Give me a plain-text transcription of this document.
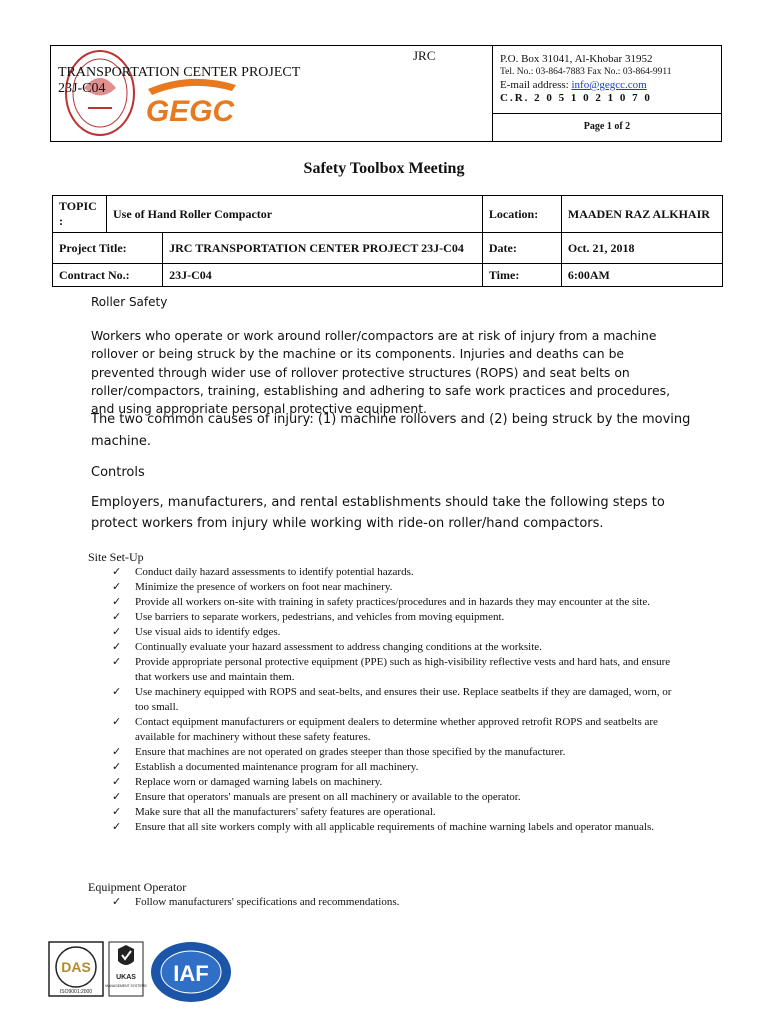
GEGC
TRANSPORTATION CENTER PROJECT
23J-C04
JRC	P.O. Box 31041, Al-Khobar 31952
Tel. No.: 03-864-7883 Fax No.: 03-864-9911
E-mail address: info@gegcc.com
C.R. 2 0 5 1 0 2 1 0 7 0
Page 1 of 2
Safety Toolbox Meeting
TOPIC :	Use of Hand Roller Compactor		Location:	MAADEN RAZ ALKHAIR
Project Title:		JRC TRANSPORTATION CENTER PROJECT 23J-C04	Date:	Oct. 21, 2018
Contract No.:		23J-C04	Time:	6:00AM
Roller Safety
Workers who operate or work around roller/compactors are at risk of injury from a machine rollover or being struck by the machine or its components. Injuries and deaths can be prevented through wider use of rollover protective structures (ROPS) and seat belts on roller/compactors, training, establishing and adhering to safe work practices and procedures, and using appropriate personal protective equipment.
The two common causes of injury: (1) machine rollovers and (2) being struck by the moving machine.
Controls
Employers, manufacturers, and rental establishments should take the following steps to protect workers from injury while working with ride-on roller/hand compactors.
Site Set-Up
✓ Conduct daily hazard assessments to identify potential hazards.
✓ Minimize the presence of workers on foot near machinery.
✓ Provide all workers on-site with training in safety practices/procedures and in hazards they may encounter at the site.
✓ Use barriers to separate workers, pedestrians, and vehicles from moving equipment.
✓ Use visual aids to identify edges.
✓ Continually evaluate your hazard assessment to address changing conditions at the worksite.
✓ Provide appropriate personal protective equipment (PPE) such as high-visibility reflective vests and hard hats, and ensure that workers use and maintain them.
✓ Use machinery equipped with ROPS and seat-belts, and ensures their use. Replace seatbelts if they are damaged, worn, or too small.
✓ Contact equipment manufacturers or equipment dealers to determine whether approved retrofit ROPS and seatbelts are available for machinery without these safety features.
✓ Ensure that machines are not operated on grades steeper than those specified by the manufacturer.
✓ Establish a documented maintenance program for all machinery.
✓ Replace worn or damaged warning labels on machinery.
✓ Ensure that operators' manuals are present on all machinery or available to the operator.
✓ Make sure that all the manufacturers' safety features are operational.
✓ Ensure that all site workers comply with all applicable requirements of machine warning labels and operator manuals.
Equipment Operator
✓ Follow manufacturers' specifications and recommendations.
DAS
ISO9001:2000
UKAS
MANAGEMENT SYSTEMS IAF
